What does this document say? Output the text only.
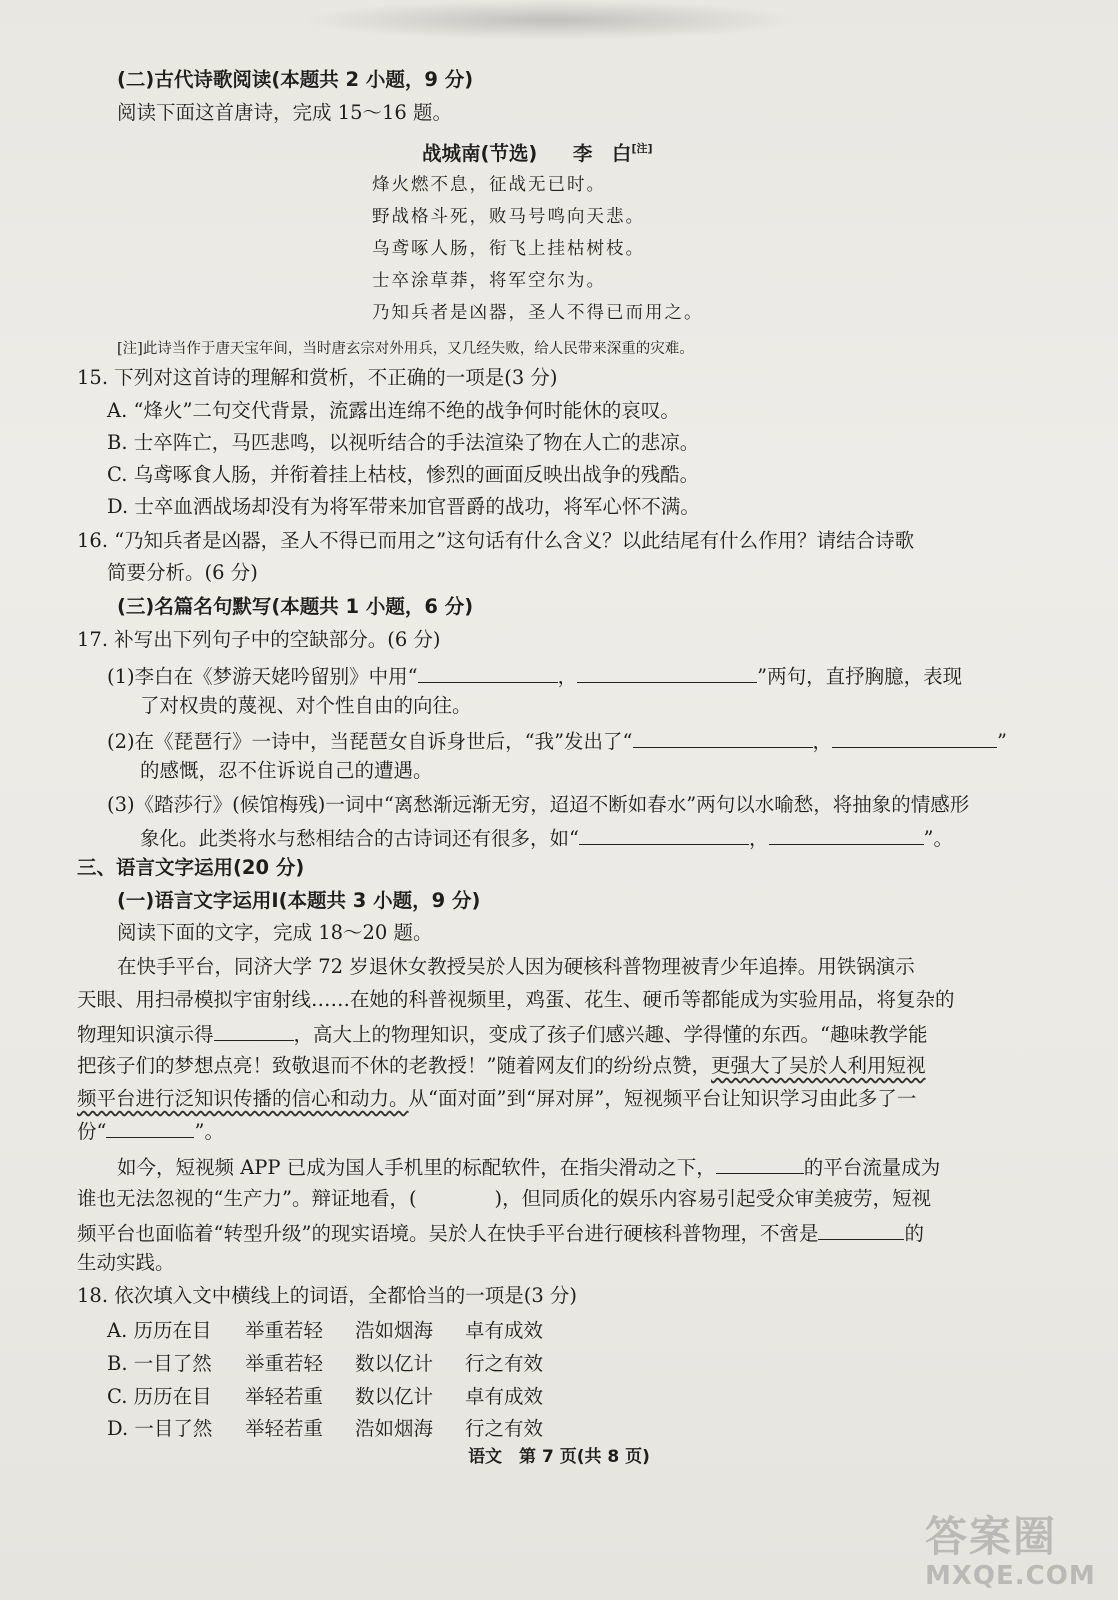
(二)古代诗歌阅读(本题共 2 小题，9 分)
阅读下面这首唐诗，完成 15～16 题。
战城南(节选) 李　白[注]
烽火燃不息，征战无已时。
野战格斗死，败马号鸣向天悲。
乌鸢啄人肠，衔飞上挂枯树枝。
士卒涂草莽，将军空尔为。
乃知兵者是凶器，圣人不得已而用之。
[注]此诗当作于唐天宝年间，当时唐玄宗对外用兵，又几经失败，给人民带来深重的灾难。
15. 下列对这首诗的理解和赏析，不正确的一项是(3 分)
A. “烽火”二句交代背景，流露出连绵不绝的战争何时能休的哀叹。
B. 士卒阵亡，马匹悲鸣，以视听结合的手法渲染了物在人亡的悲凉。
C. 乌鸢啄食人肠，并衔着挂上枯枝，惨烈的画面反映出战争的残酷。
D. 士卒血洒战场却没有为将军带来加官晋爵的战功，将军心怀不满。
16. “乃知兵者是凶器，圣人不得已而用之”这句话有什么含义？以此结尾有什么作用？请结合诗歌
简要分析。(6 分)
(三)名篇名句默写(本题共 1 小题，6 分)
17. 补写出下列句子中的空缺部分。(6 分)
(1)李白在《梦游天姥吟留别》中用“	，	”两句，直抒胸臆，表现
了对权贵的蔑视、对个性自由的向往。
(2)在《琵琶行》一诗中，当琵琶女自诉身世后，“我”发出了“	，	”
的感慨，忍不住诉说自己的遭遇。
(3)《踏莎行》(候馆梅残)一词中“离愁渐远渐无穷，迢迢不断如春水”两句以水喻愁，将抽象的情感形
象化。此类将水与愁相结合的古诗词还有很多，如“	，	”。
三、语言文字运用(20 分)
(一)语言文字运用Ⅰ(本题共 3 小题，9 分)
阅读下面的文字，完成 18～20 题。
在快手平台，同济大学 72 岁退休女教授吴於人因为硬核科普物理被青少年追捧。用铁锅演示
天眼、用扫帚模拟宇宙射线……在她的科普视频里，鸡蛋、花生、硬币等都能成为实验用品，将复杂的
物理知识演示得	，高大上的物理知识，变成了孩子们感兴趣、学得懂的东西。“趣味教学能
把孩子们的梦想点亮！致敬退而不休的老教授！”随着网友们的纷纷点赞，更强大了吴於人利用短视
频平台进行泛知识传播的信心和动力。从“面对面”到“屏对屏”，短视频平台让知识学习由此多了一
份“	”。
如今，短视频 APP 已成为国人手机里的标配软件，在指尖滑动之下，	的平台流量成为
谁也无法忽视的“生产力”。辩证地看，(　　　　)，但同质化的娱乐内容易引起受众审美疲劳，短视
频平台也面临着“转型升级”的现实语境。吴於人在快手平台进行硬核科普物理，不啻是	的
生动实践。
18. 依次填入文中横线上的词语，全都恰当的一项是(3 分)
A. 历历在目 举重若轻 浩如烟海 卓有成效
B. 一目了然 举重若轻 数以亿计 行之有效
C. 历历在目 举轻若重 数以亿计 卓有成效
D. 一目了然 举轻若重 浩如烟海 行之有效
语文　第 7 页(共 8 页)
答案圈
MXQE.COM
